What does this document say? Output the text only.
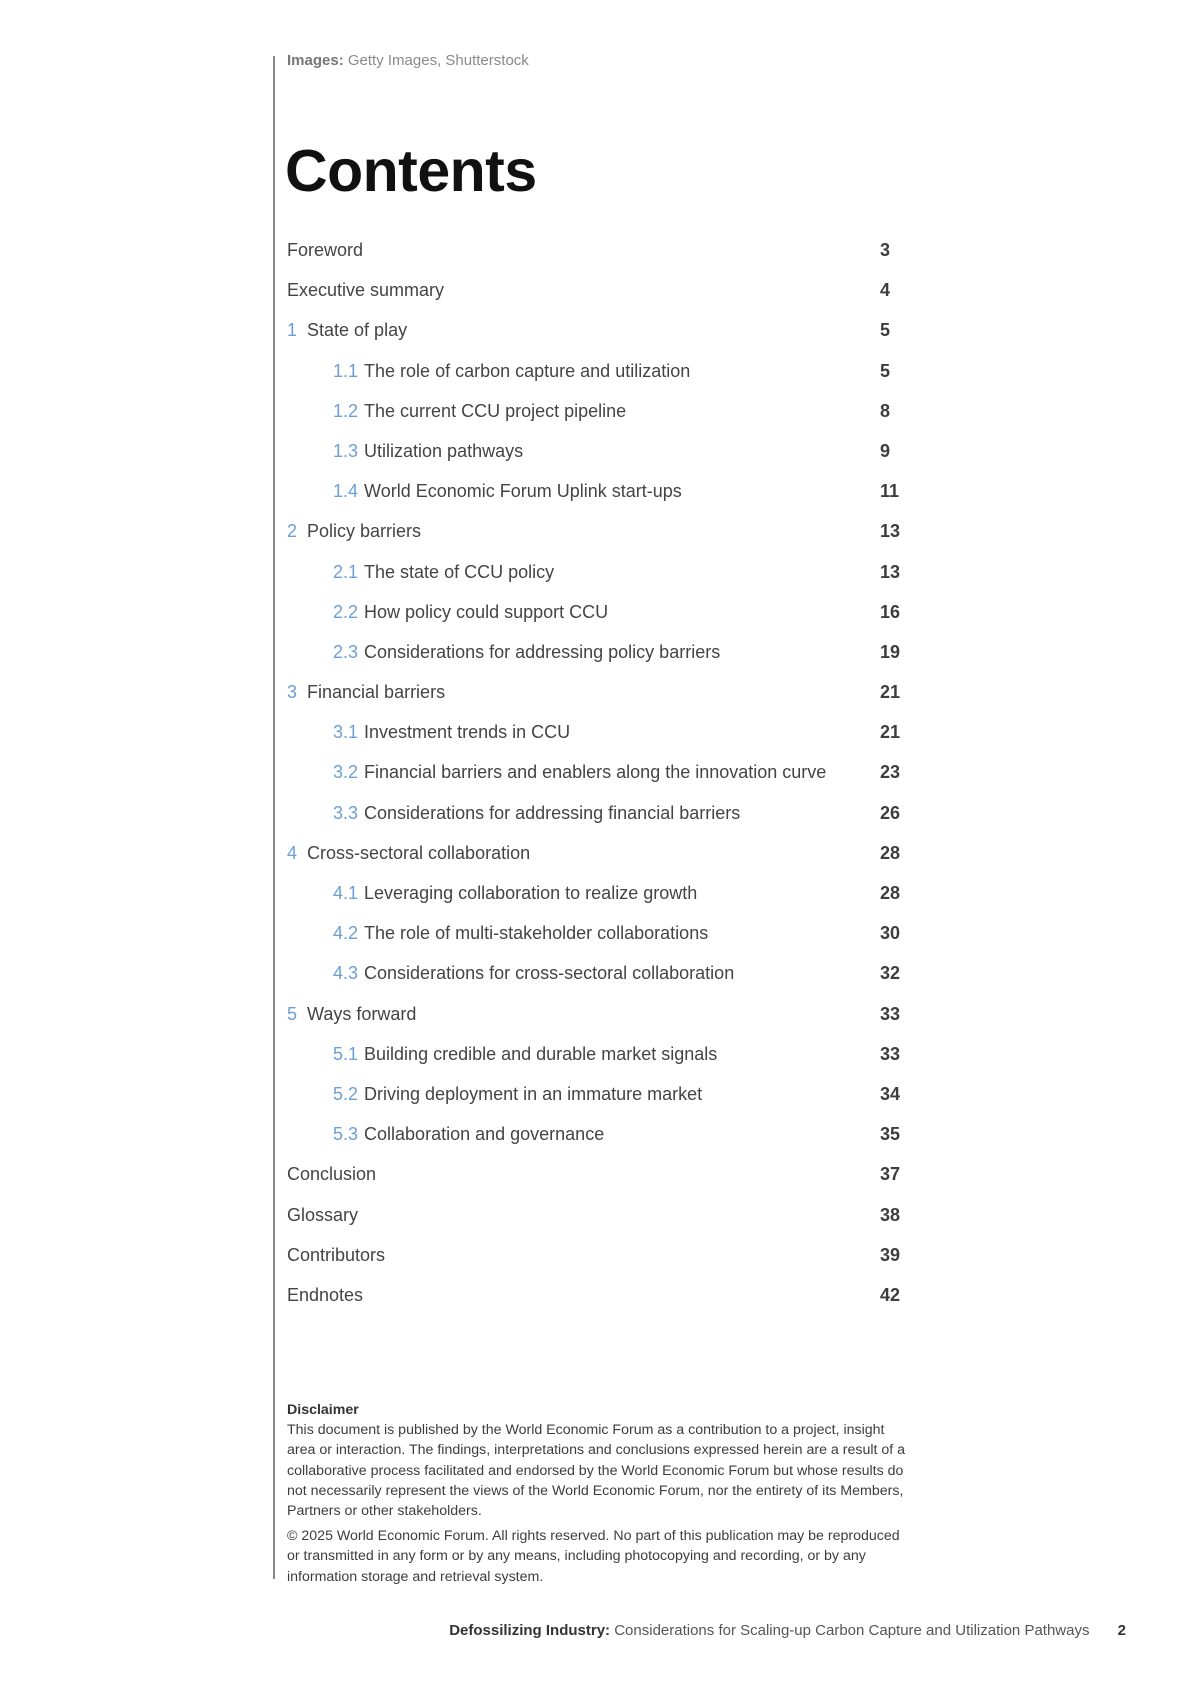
Images: Getty Images, Shutterstock
Contents
Foreword	3
Executive summary	4
1 State of play	5
1.1 The role of carbon capture and utilization	5
1.2 The current CCU project pipeline	8
1.3 Utilization pathways	9
1.4 World Economic Forum Uplink start-ups	11
2 Policy barriers	13
2.1 The state of CCU policy	13
2.2 How policy could support CCU	16
2.3 Considerations for addressing policy barriers	19
3 Financial barriers	21
3.1 Investment trends in CCU	21
3.2 Financial barriers and enablers along the innovation curve	23
3.3 Considerations for addressing financial barriers	26
4 Cross-sectoral collaboration	28
4.1 Leveraging collaboration to realize growth	28
4.2 The role of multi-stakeholder collaborations	30
4.3 Considerations for cross-sectoral collaboration	32
5 Ways forward	33
5.1 Building credible and durable market signals	33
5.2 Driving deployment in an immature market	34
5.3 Collaboration and governance	35
Conclusion	37
Glossary	38
Contributors	39
Endnotes	42

Disclaimer

This document is published by the World Economic Forum as a contribution to a project, insight area or interaction. The findings, interpretations and conclusions expressed herein are a result of a collaborative process facilitated and endorsed by the World Economic Forum but whose results do not necessarily represent the views of the World Economic Forum, nor the entirety of its Members, Partners or other stakeholders.

© 2025 World Economic Forum. All rights reserved. No part of this publication may be reproduced or transmitted in any form or by any means, including photocopying and recording, or by any information storage and retrieval system.

Defossilizing Industry: Considerations for Scaling-up Carbon Capture and Utilization Pathways 2
